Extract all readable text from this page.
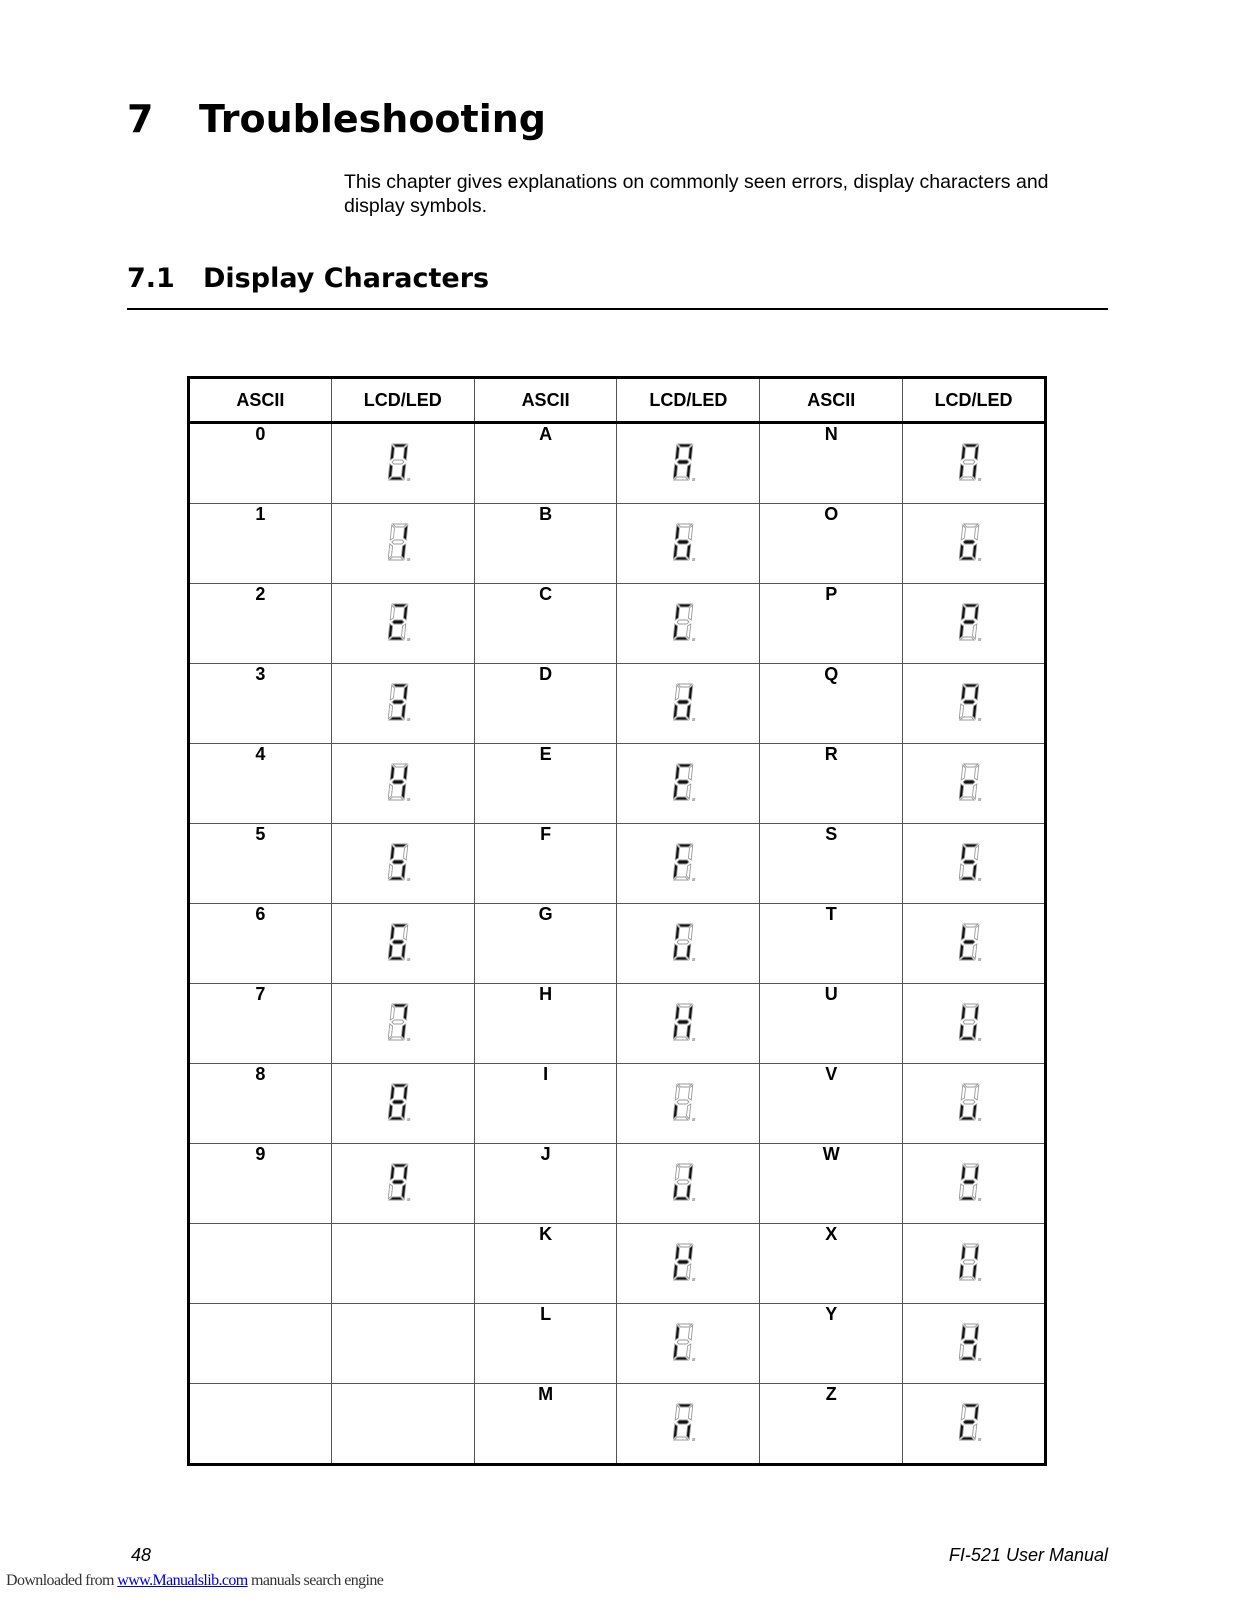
7 Troubleshooting
This chapter gives explanations on commonly seen errors, display characters and display symbols.
7.1 Display Characters
ASCII	LCD/LED	ASCII	LCD/LED	ASCII	LCD/LED
0		A		N	

1		B		O	

2		C		P	

3		D		Q	

4		E		R	

5		F		S	

6		G		T	

7		H		U	

8		I		V	

9		J		W	

		K		X	

		L		Y	

		M		Z	
48	FI-521 User Manual
Downloaded from www.Manualslib.com manuals search engine
